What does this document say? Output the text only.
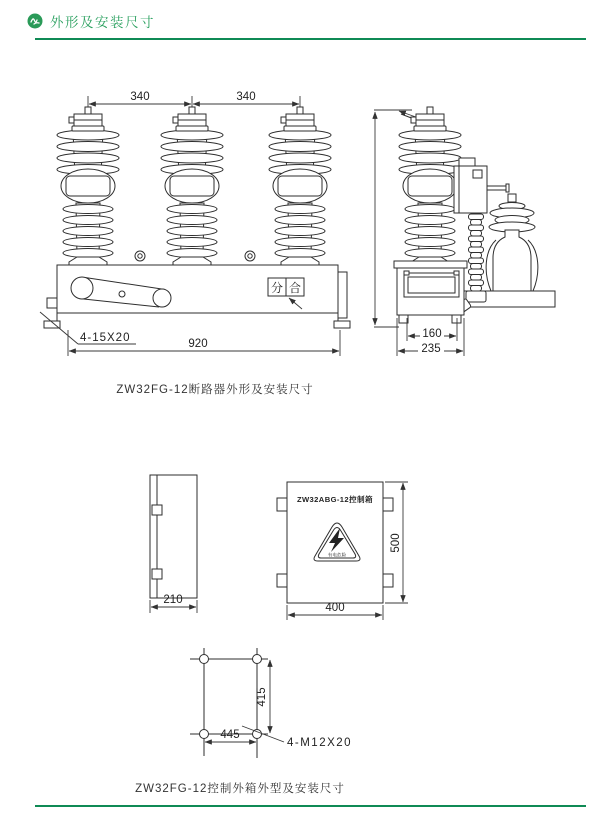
外形及安装尺寸
340	340
分 合
4-15X20	920
160
235
ZW32FG-12断路器外形及安装尺寸
210
ZW32ABG-12控制箱
有电危险
500
400
415
445
4-M12X20
ZW32FG-12控制外箱外型及安装尺寸
